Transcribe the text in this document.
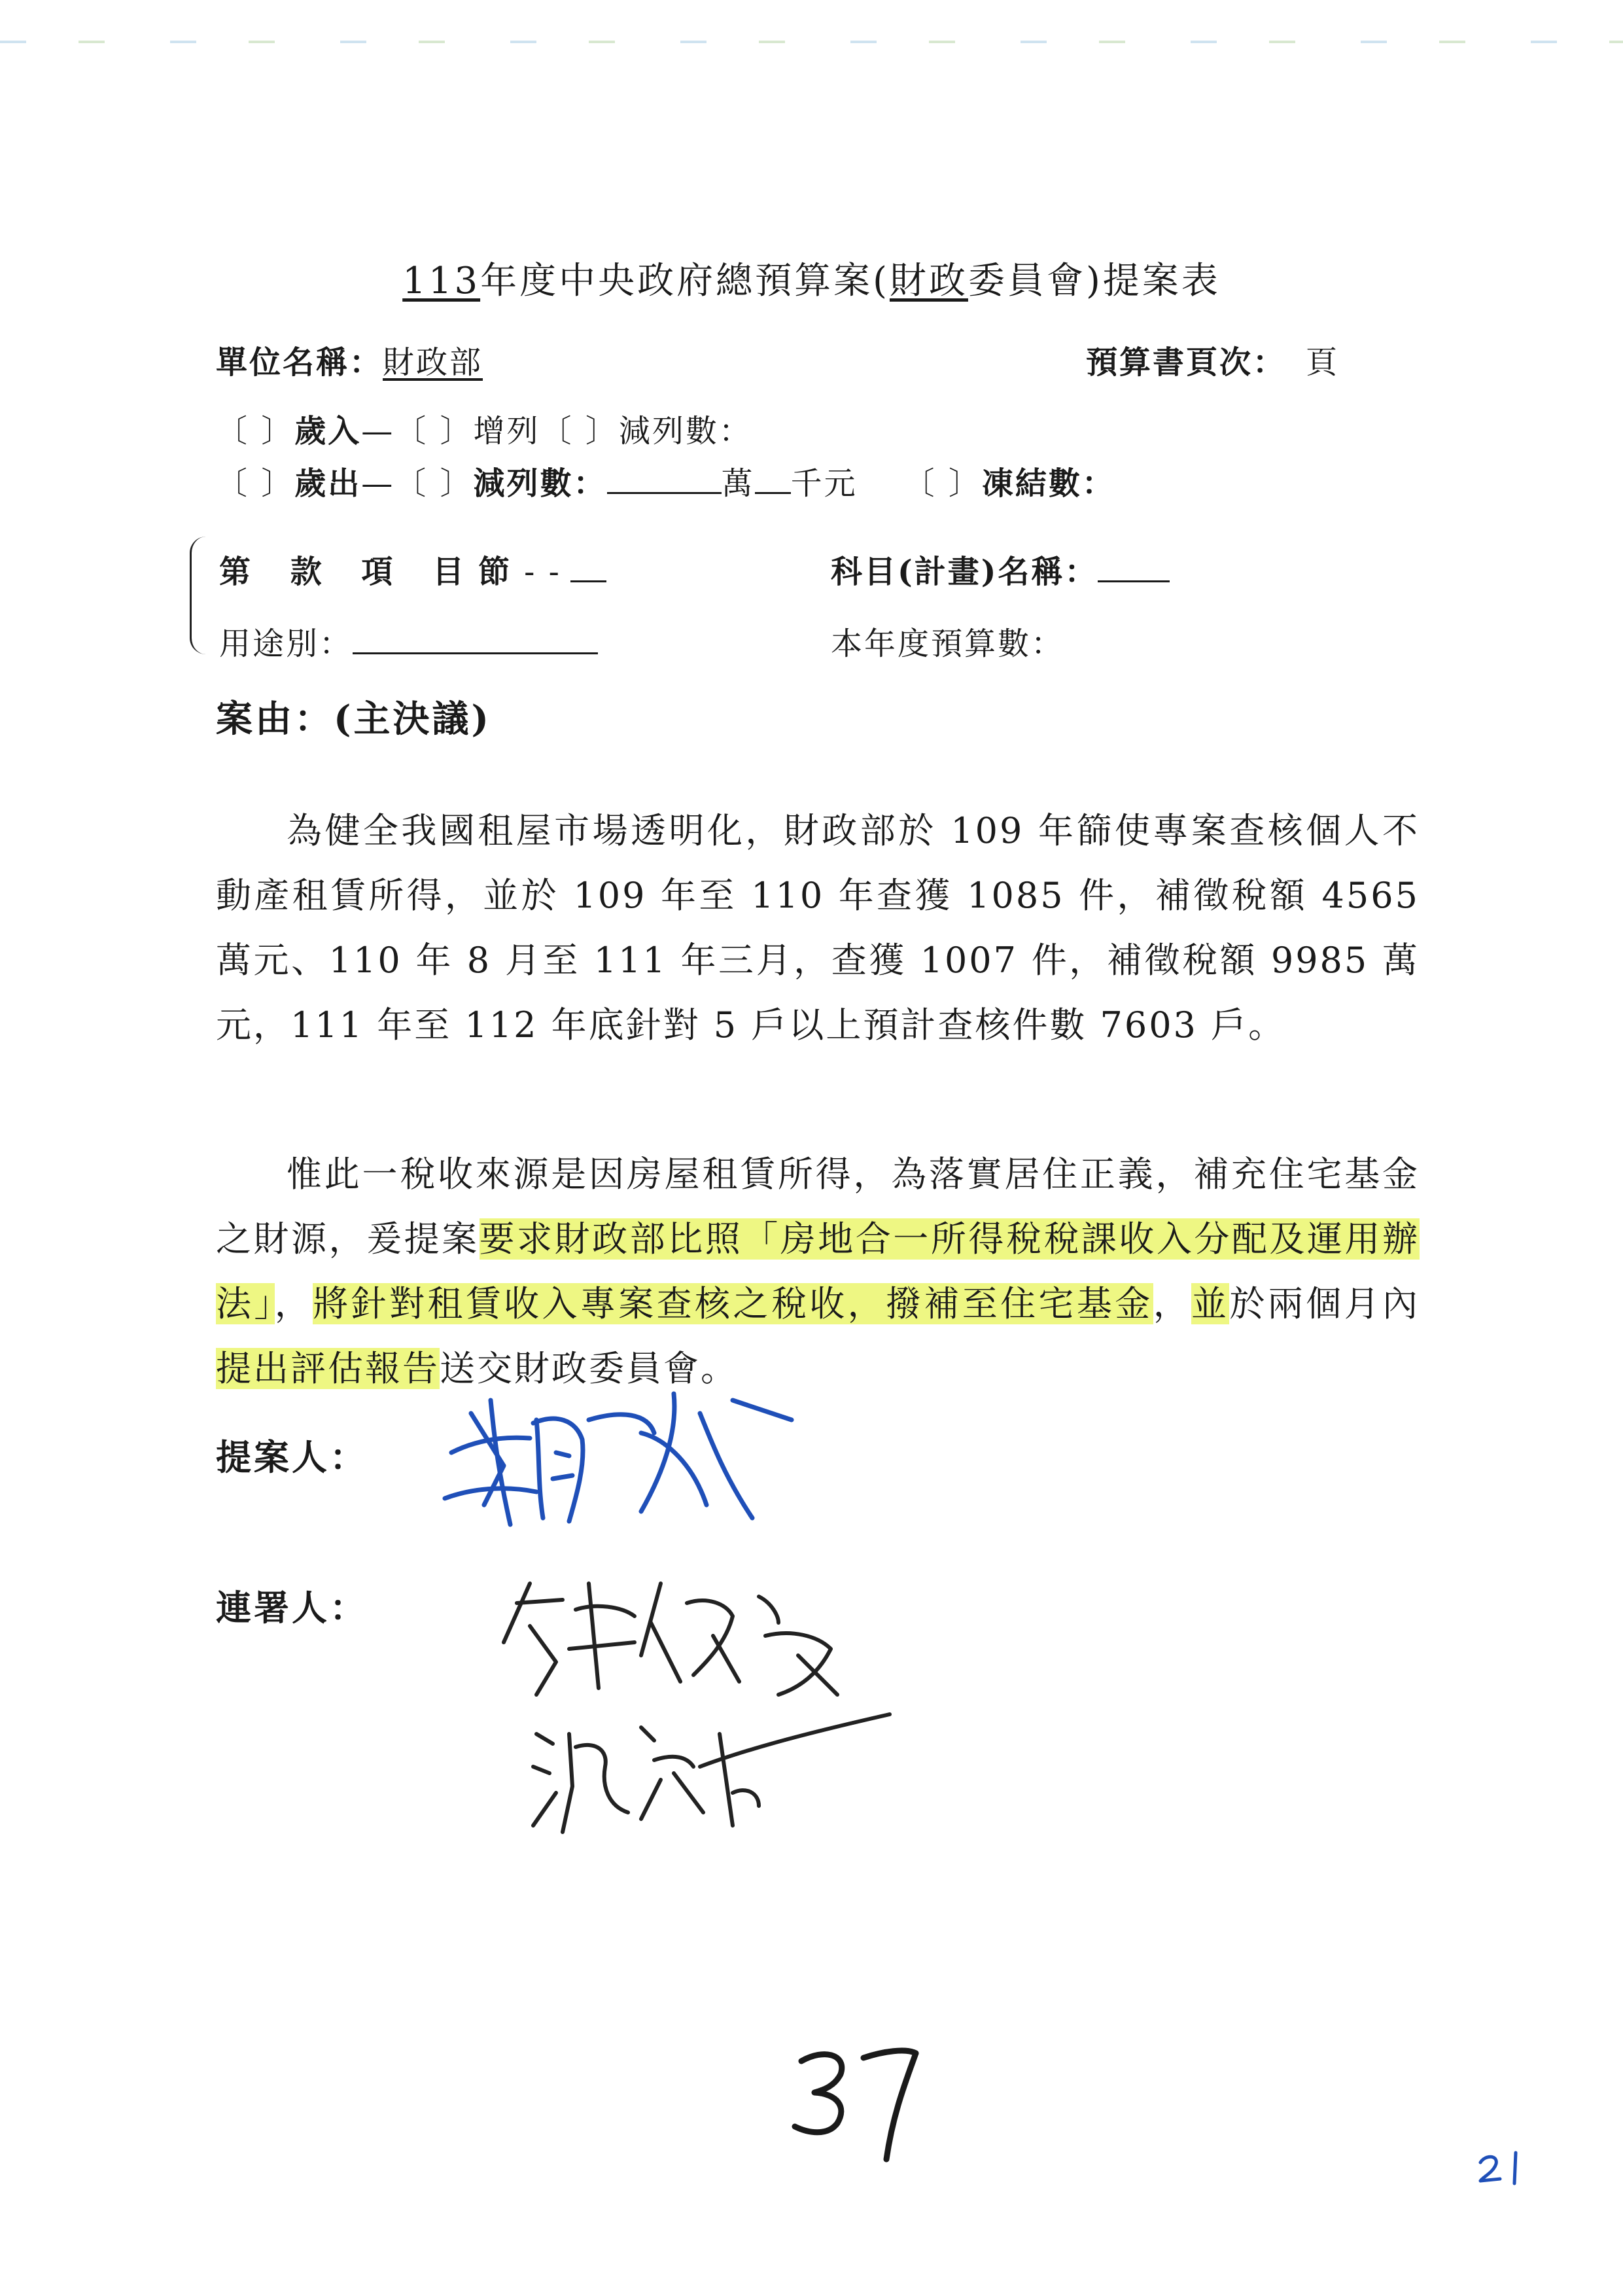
113年度中央政府總預算案(財政委員會)提案表
單位名稱：財政部	預算書頁次： 頁
〔 〕歲入—〔 〕增列〔 〕減列數：
〔 〕歲出—〔 〕減列數：	萬 千元 〔 〕凍結數：
第 款 項 目節- -	科目(計畫)名稱：
用途別：	本年度預算數：
案由：(主決議)
為健全我國租屋市場透明化，財政部於 109 年篩使專案查核個人不動產租賃所得，並於 109 年至 110 年查獲 1085 件，補徵稅額 4565 萬元、110 年 8 月至 111 年三月，查獲 1007 件，補徵稅額 9985 萬元，111 年至 112 年底針對 5 戶以上預計查核件數 7603 戶。
惟此一稅收來源是因房屋租賃所得，為落實居住正義，補充住宅基金之財源，爰提案要求財政部比照「房地合一所得稅稅課收入分配及運用辦法」，將針對租賃收入專案查核之稅收，撥補至住宅基金，並於兩個月內提出評估報告送交財政委員會。
提案人：
連署人：
